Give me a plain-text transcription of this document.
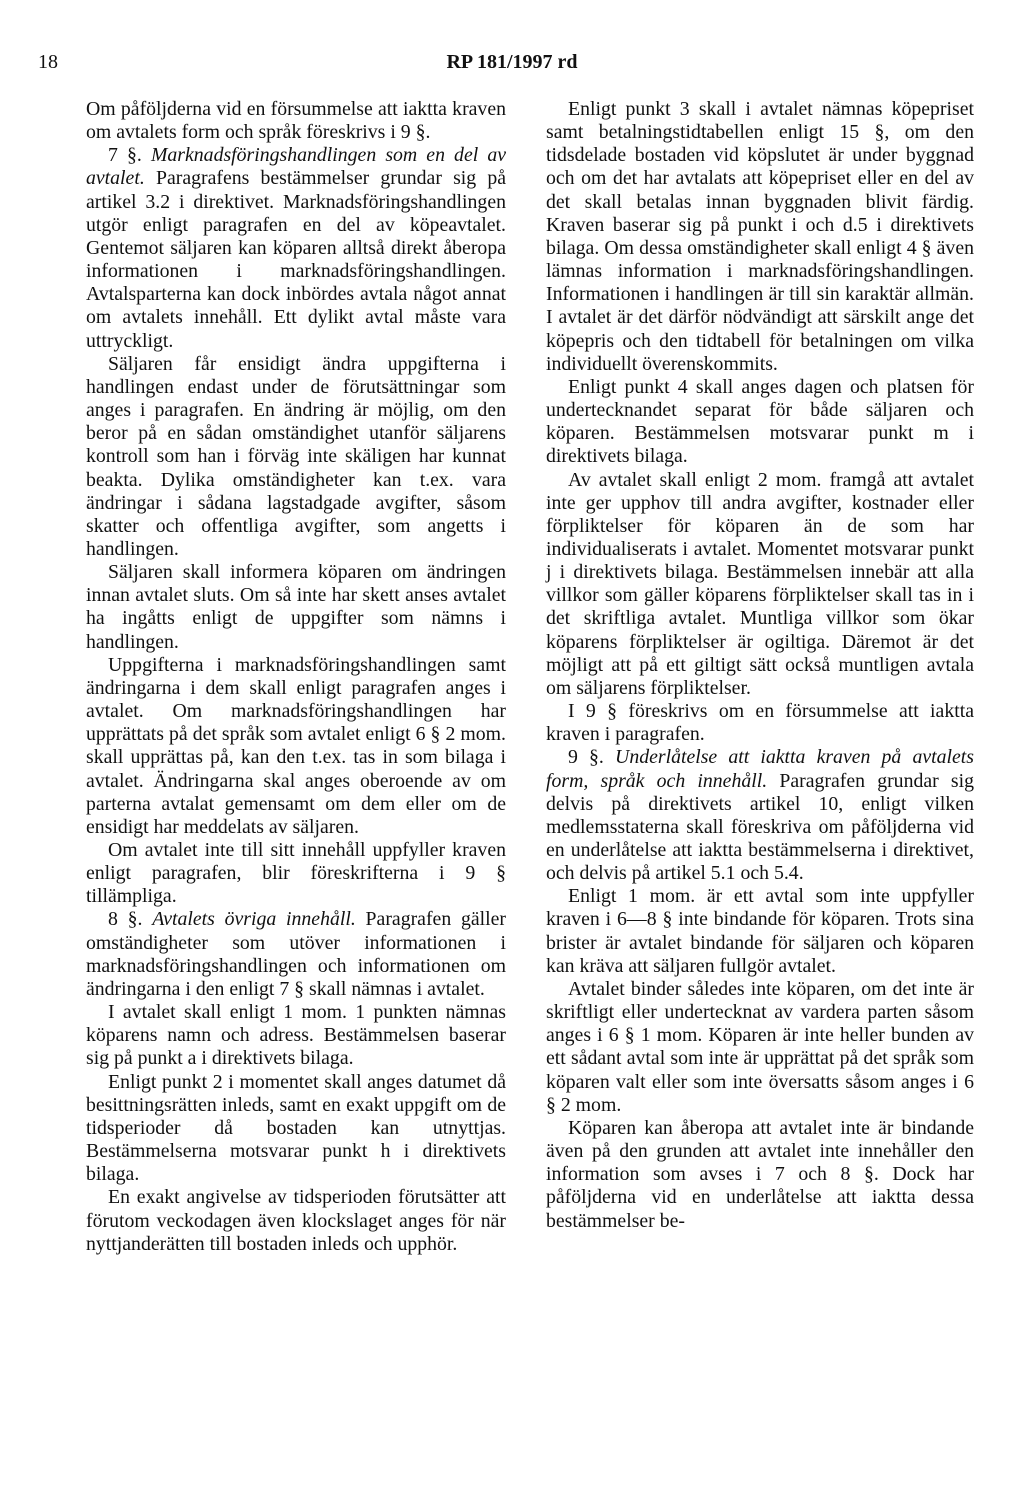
18	RP 181/1997 rd

Om påföljderna vid en försummelse att iaktta kraven om avtalets form och språk föreskrivs i 9 §.

7 §. Marknadsföringshandlingen som en del av avtalet. Paragrafens bestämmelser grundar sig på artikel 3.2 i direktivet. Marknadsföringshandlingen utgör enligt paragrafen en del av köpeavtalet. Gentemot säljaren kan köparen alltså direkt åberopa informationen i marknadsföringshandlingen. Avtalsparterna kan dock inbördes avtala något annat om avtalets innehåll. Ett dylikt avtal måste vara uttryckligt.

Säljaren får ensidigt ändra uppgifterna i handlingen endast under de förutsättningar som anges i paragrafen. En ändring är möjlig, om den beror på en sådan omständighet utanför säljarens kontroll som han i förväg inte skäligen har kunnat beakta. Dylika omständigheter kan t.ex. vara ändringar i sådana lagstadgade avgifter, såsom skatter och offentliga avgifter, som angetts i handlingen.

Säljaren skall informera köparen om ändringen innan avtalet sluts. Om så inte har skett anses avtalet ha ingåtts enligt de uppgifter som nämns i handlingen.

Uppgifterna i marknadsföringshandlingen samt ändringarna i dem skall enligt paragrafen anges i avtalet. Om marknadsföringshandlingen har upprättats på det språk som avtalet enligt 6 § 2 mom. skall upprättas på, kan den t.ex. tas in som bilaga i avtalet. Ändringarna skal anges oberoende av om parterna avtalat gemensamt om dem eller om de ensidigt har meddelats av säljaren.

Om avtalet inte till sitt innehåll uppfyller kraven enligt paragrafen, blir föreskrifterna i 9 § tillämpliga.

8 §. Avtalets övriga innehåll. Paragrafen gäller omständigheter som utöver informationen i marknadsföringshandlingen och informationen om ändringarna i den enligt 7 § skall nämnas i avtalet.

I avtalet skall enligt 1 mom. 1 punkten nämnas köparens namn och adress. Bestämmelsen baserar sig på punkt a i direktivets bilaga.

Enligt punkt 2 i momentet skall anges datumet då besittningsrätten inleds, samt en exakt uppgift om de tidsperioder då bostaden kan utnyttjas. Bestämmelserna motsvarar punkt h i direktivets bilaga.

En exakt angivelse av tidsperioden förutsätter att förutom veckodagen även klockslaget anges för när nyttjanderätten till bostaden inleds och upphör.

Enligt punkt 3 skall i avtalet nämnas köpepriset samt betalningstidtabellen enligt 15 §, om den tidsdelade bostaden vid köpslutet är under byggnad och om det har avtalats att köpepriset eller en del av det skall betalas innan byggnaden blivit färdig. Kraven baserar sig på punkt i och d.5 i direktivets bilaga. Om dessa omständigheter skall enligt 4 § även lämnas information i marknadsföringshandlingen. Informationen i handlingen är till sin karaktär allmän. I avtalet är det därför nödvändigt att särskilt ange det köpepris och den tidtabell för betalningen om vilka individuellt överenskommits.

Enligt punkt 4 skall anges dagen och platsen för undertecknandet separat för både säljaren och köparen. Bestämmelsen motsvarar punkt m i direktivets bilaga.

Av avtalet skall enligt 2 mom. framgå att avtalet inte ger upphov till andra avgifter, kostnader eller förpliktelser för köparen än de som har individualiserats i avtalet. Momentet motsvarar punkt j i direktivets bilaga. Bestämmelsen innebär att alla villkor som gäller köparens förpliktelser skall tas in i det skriftliga avtalet. Muntliga villkor som ökar köparens förpliktelser är ogiltiga. Däremot är det möjligt att på ett giltigt sätt också muntligen avtala om säljarens förpliktelser.

I 9 § föreskrivs om en försummelse att iaktta kraven i paragrafen.

9 §. Underlåtelse att iaktta kraven på avtalets form, språk och innehåll. Paragrafen grundar sig delvis på direktivets artikel 10, enligt vilken medlemsstaterna skall föreskriva om påföljderna vid en underlåtelse att iaktta bestämmelserna i direktivet, och delvis på artikel 5.1 och 5.4.

Enligt 1 mom. är ett avtal som inte uppfyller kraven i 6—8 § inte bindande för köparen. Trots sina brister är avtalet bindande för säljaren och köparen kan kräva att säljaren fullgör avtalet.

Avtalet binder således inte köparen, om det inte är skriftligt eller undertecknat av vardera parten såsom anges i 6 § 1 mom. Köparen är inte heller bunden av ett sådant avtal som inte är upprättat på det språk som köparen valt eller som inte översatts såsom anges i 6 § 2 mom.

Köparen kan åberopa att avtalet inte är bindande även på den grunden att avtalet inte innehåller den information som avses i 7 och 8 §. Dock har påföljderna vid en underlåtelse att iaktta dessa bestämmelser be-
